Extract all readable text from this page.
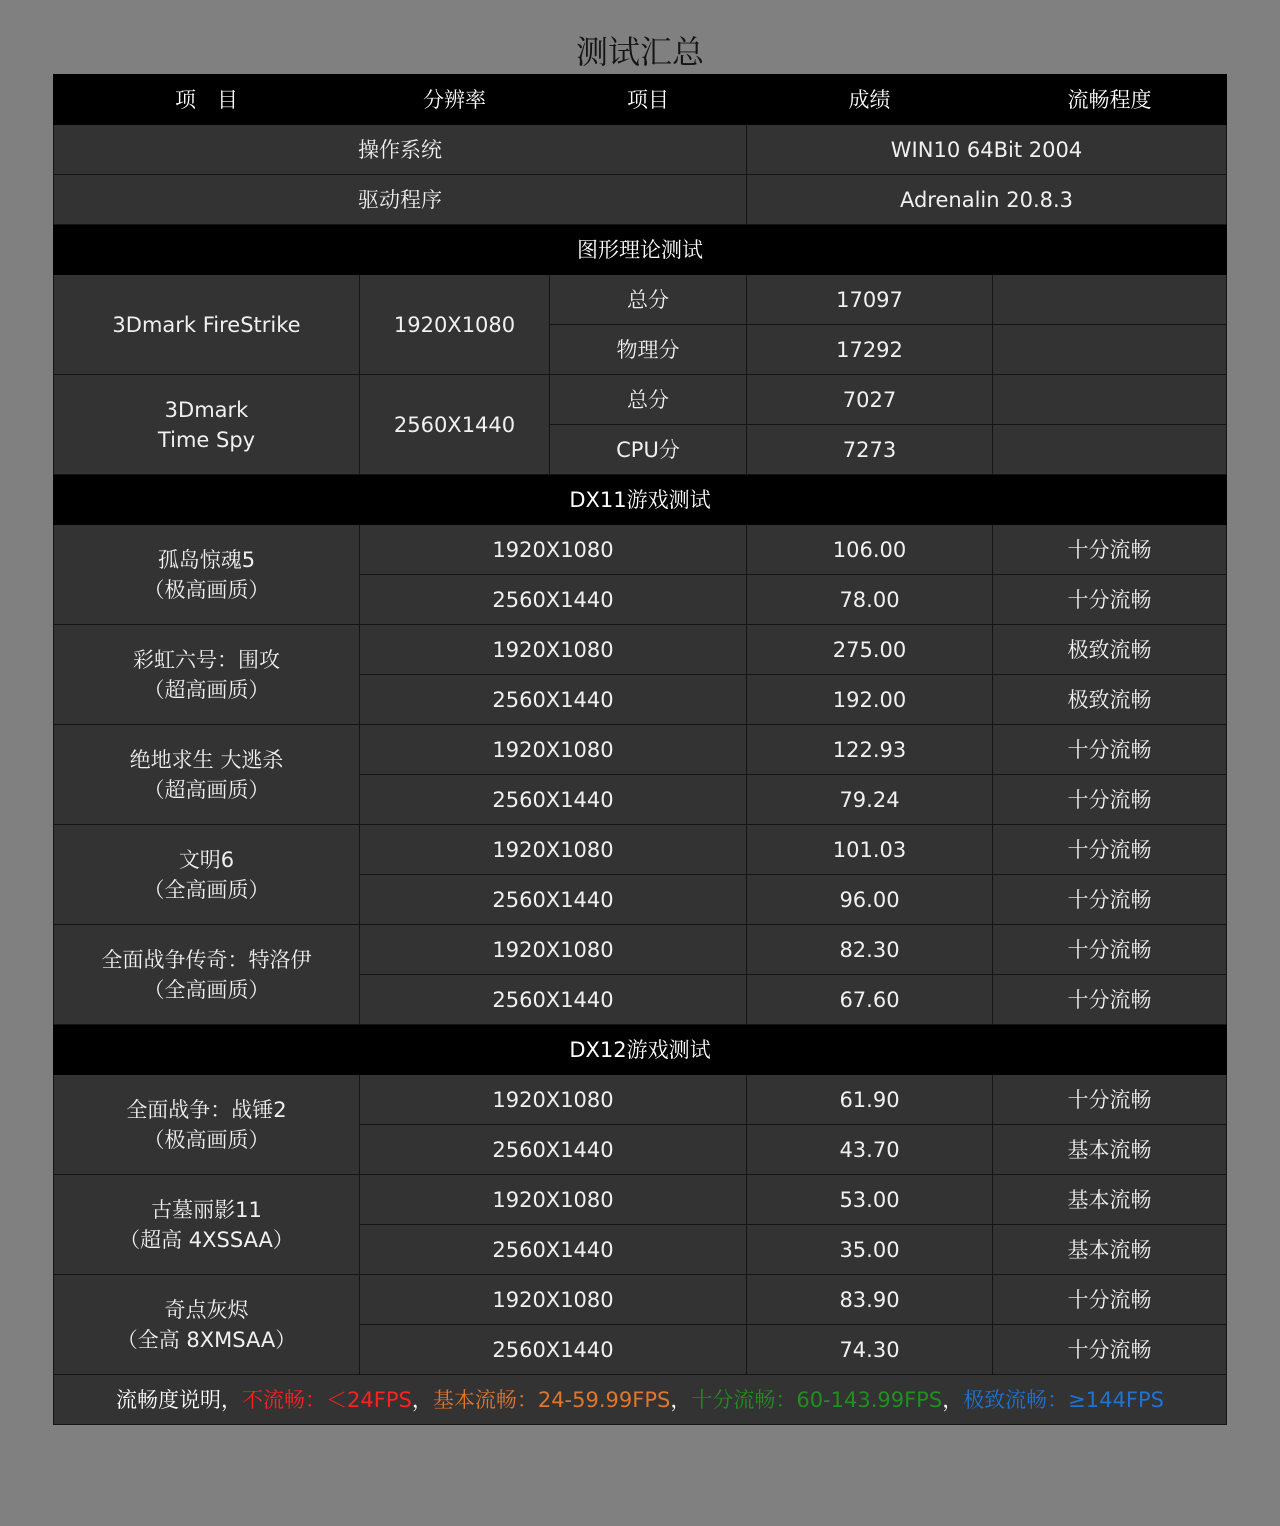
测试汇总
项　目	分辨率	项目	成绩	流畅程度
操作系统			WIN10 64Bit 2004	
驱动程序			Adrenalin 20.8.3	
图形理论测试				
3Dmark FireStrike	1920X1080	总分	17097	
		物理分	17292	
3Dmark
Time Spy	2560X1440	总分	7027	
		CPU分	7273	
DX11游戏测试				
孤岛惊魂5
（极高画质）	1920X1080		106.00	十分流畅
	2560X1440		78.00	十分流畅
彩虹六号：围攻
（超高画质）	1920X1080		275.00	极致流畅
	2560X1440		192.00	极致流畅
绝地求生 大逃杀
（超高画质）	1920X1080		122.93	十分流畅
	2560X1440		79.24	十分流畅
文明6
（全高画质）	1920X1080		101.03	十分流畅
	2560X1440		96.00	十分流畅
全面战争传奇：特洛伊
（全高画质）	1920X1080		82.30	十分流畅
	2560X1440		67.60	十分流畅
DX12游戏测试				
全面战争：战锤2
（极高画质）	1920X1080		61.90	十分流畅
	2560X1440		43.70	基本流畅
古墓丽影11
（超高 4XSSAA）	1920X1080		53.00	基本流畅
	2560X1440		35.00	基本流畅
奇点灰烬
（全高 8XMSAA）	1920X1080		83.90	十分流畅
	2560X1440		74.30	十分流畅
流畅度说明，不流畅：＜24FPS，基本流畅：24-59.99FPS，十分流畅：60-143.99FPS，极致流畅：≥144FPS				
